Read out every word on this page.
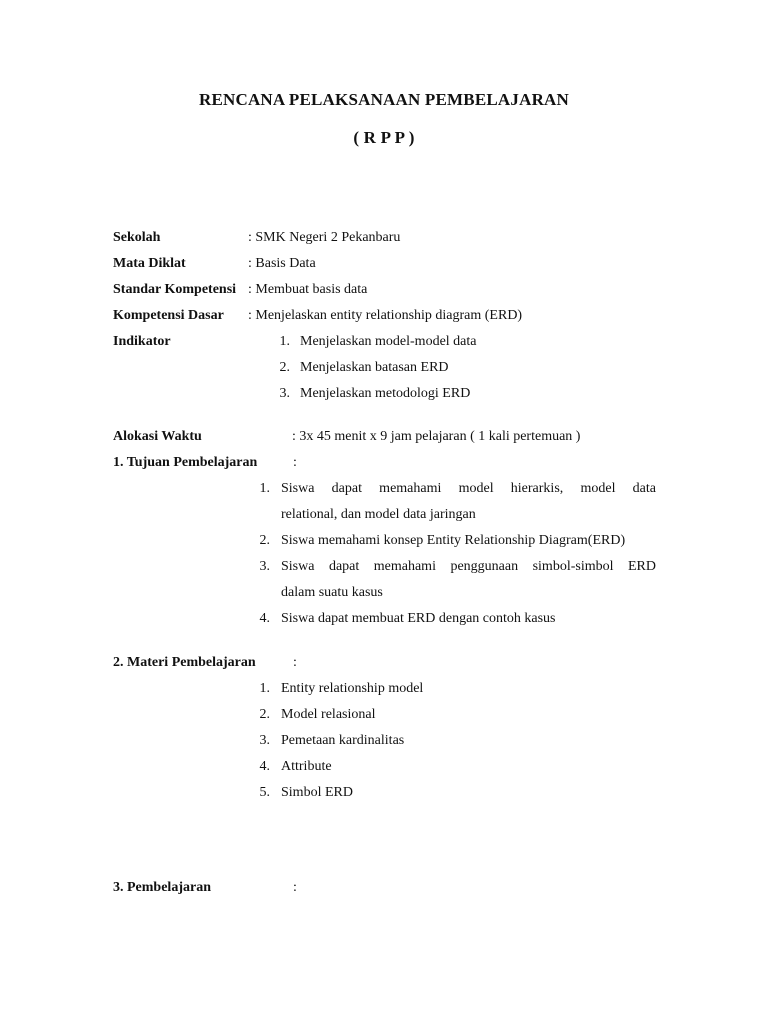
RENCANA PELAKSANAAN PEMBELAJARAN
( R P P )
Sekolah	: SMK Negeri 2 Pekanbaru
Mata Diklat	: Basis Data
Standar Kompetensi : Membuat basis data
Kompetensi Dasar : Menjelaskan entity relationship diagram (ERD)
Indikator	1. Menjelaskan model-model data
2. Menjelaskan batasan ERD
3. Menjelaskan metodologi ERD
Alokasi Waktu	: 3x 45 menit x 9 jam pelajaran ( 1 kali pertemuan )
1. Tujuan Pembelajaran	:
1. Siswa dapat memahami model hierarkis, model data
relational, dan model data jaringan
2. Siswa memahami konsep Entity Relationship Diagram(ERD)
3. Siswa dapat memahami penggunaan simbol-simbol ERD
dalam suatu kasus
4. Siswa dapat membuat ERD dengan contoh kasus
2. Materi Pembelajaran	:
1. Entity relationship model
2. Model relasional
3. Pemetaan kardinalitas
4. Attribute
5. Simbol ERD
3. Pembelajaran	:
